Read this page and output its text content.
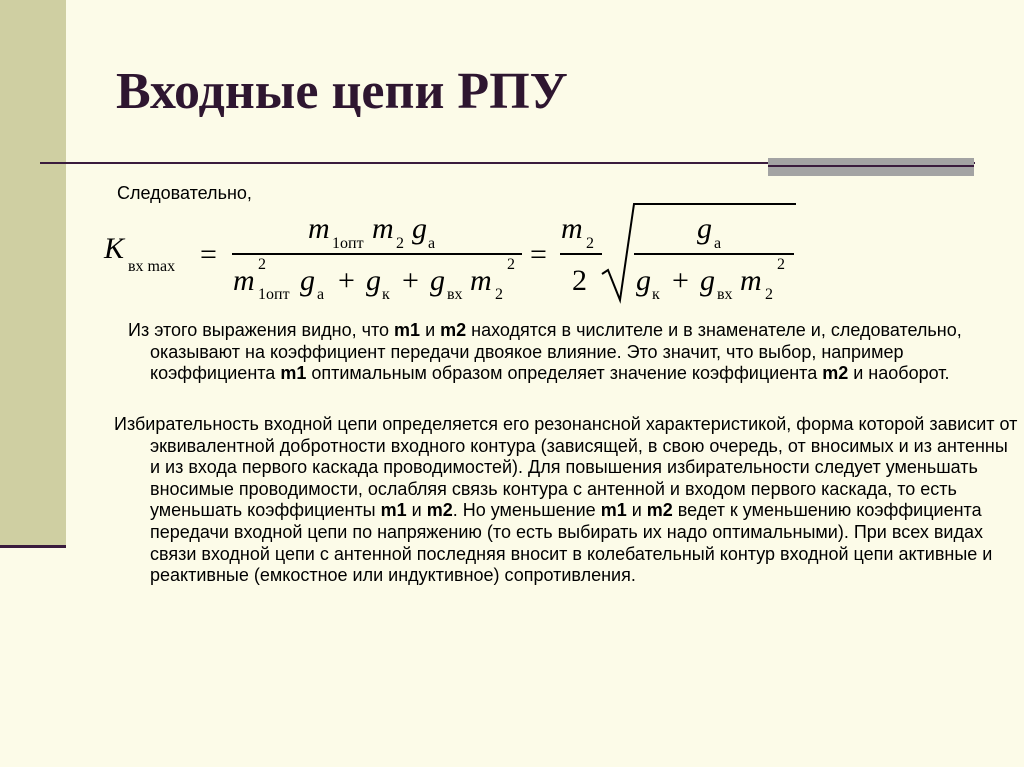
Входные цепи РПУ
Следовательно,
K
вх max =
m 1опт m 2 g a
m 2
1опт g a + g к + g вх m 2
2 =
m 2
2
g a
g к + g вх m 2
2

Из этого выражения видно, что m1 и m2 находятся в числителе и в знаменателе и, следовательно, оказывают на коэффициент передачи двоякое влияние. Это значит, что выбор, например коэффициента m1 оптимальным образом определяет значение коэффициента m2 и наоборот.

Избирательность входной цепи определяется его резонансной характеристикой, форма которой зависит от эквивалентной добротности входного контура (зависящей, в свою очередь, от вносимых и из антенны и из входа первого каскада проводимостей). Для повышения избирательности следует уменьшать вносимые проводимости, ослабляя связь контура с антенной и входом первого каскада, то есть уменьшать коэффициенты m1 и m2. Но уменьшение m1 и m2 ведет к уменьшению коэффициента передачи входной цепи по напряжению (то есть выбирать их надо оптимальными). При всех видах связи входной цепи с антенной последняя вносит в колебательный контур входной цепи активные и реактивные (емкостное или индуктивное) сопротивления.
